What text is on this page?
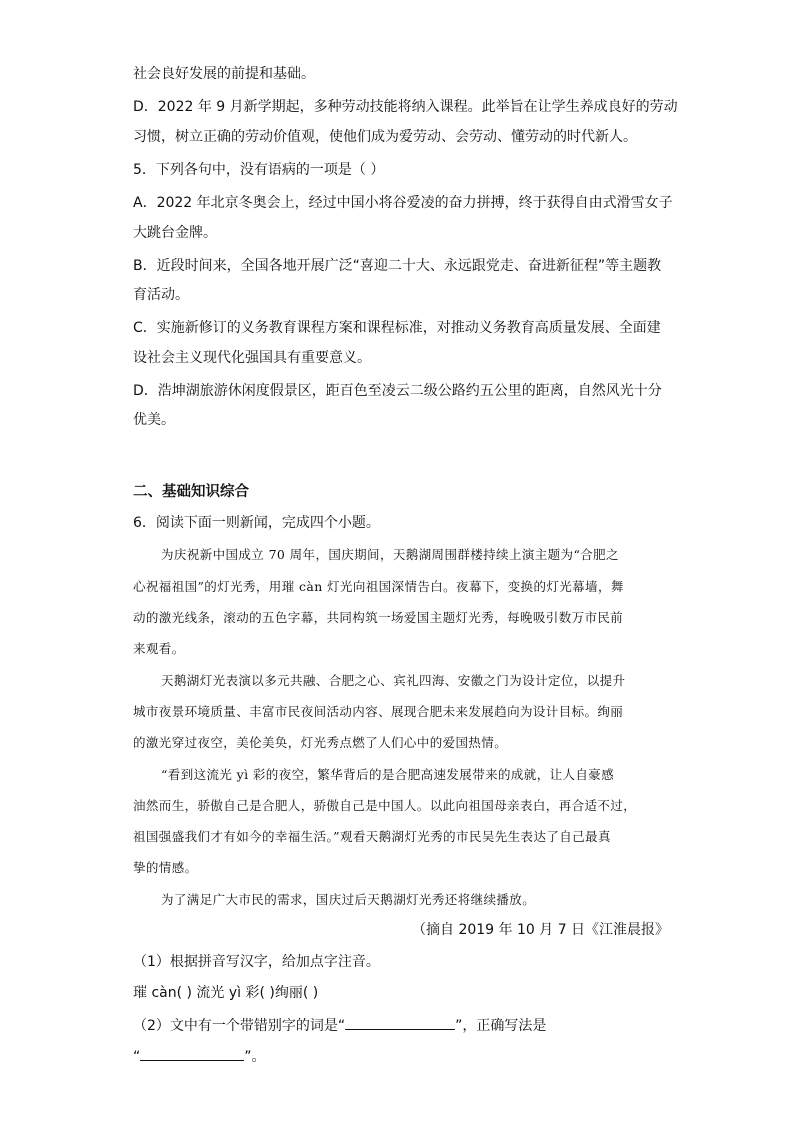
社会良好发展的前提和基础。
D．2022 年 9 月新学期起，多种劳动技能将纳入课程。此举旨在让学生养成良好的劳动
习惯，树立正确的劳动价值观，使他们成为爱劳动、会劳动、懂劳动的时代新人。
5．下列各句中，没有语病的一项是（ ）
A．2022 年北京冬奥会上，经过中国小将谷爱凌的奋力拼搏，终于获得自由式滑雪女子
大跳台金牌。
B．近段时间来，全国各地开展广泛“喜迎二十大、永远跟党走、奋进新征程”等主题教
育活动。
C．实施新修订的义务教育课程方案和课程标准，对推动义务教育高质量发展、全面建
设社会主义现代化强国具有重要意义。
D．浩坤湖旅游休闲度假景区，距百色至凌云二级公路约五公里的距离，自然风光十分
优美。
二、基础知识综合
6．阅读下面一则新闻，完成四个小题。
为庆祝新中国成立 70 周年，国庆期间，天鹅湖周围群楼持续上演主题为“合肥之
心祝福祖国”的灯光秀，用璀 càn 灯光向祖国深情告白。夜幕下，变换的灯光幕墙，舞
动的激光线条，滚动的五色字幕，共同构筑一场爱国主题灯光秀，每晚吸引数万市民前
来观看。
天鹅湖灯光表演以多元共融、合肥之心、宾礼四海、安徽之门为设计定位，以提升
城市夜景环境质量、丰富市民夜间活动内容、展现合肥未来发展趋向为设计目标。绚丽
的激光穿过夜空，美伦美奂，灯光秀点燃了人们心中的爱国热情。
“看到这流光 yì 彩的夜空，繁华背后的是合肥高速发展带来的成就，让人自豪感
油然而生，骄傲自己是合肥人，骄傲自己是中国人。以此向祖国母亲表白，再合适不过，
祖国强盛我们才有如今的幸福生活。”观看天鹅湖灯光秀的市民吴先生表达了自己最真
挚的情感。
为了满足广大市民的需求，国庆过后天鹅湖灯光秀还将继续播放。
（摘自 2019 年 10 月 7 日《江淮晨报》
（1）根据拼音写汉字，给加点字注音。
璀 càn( ) 流光 yì 彩( )绚丽( )
（2）文中有一个带错别字的词是“	”，正确写法是
“	”。
